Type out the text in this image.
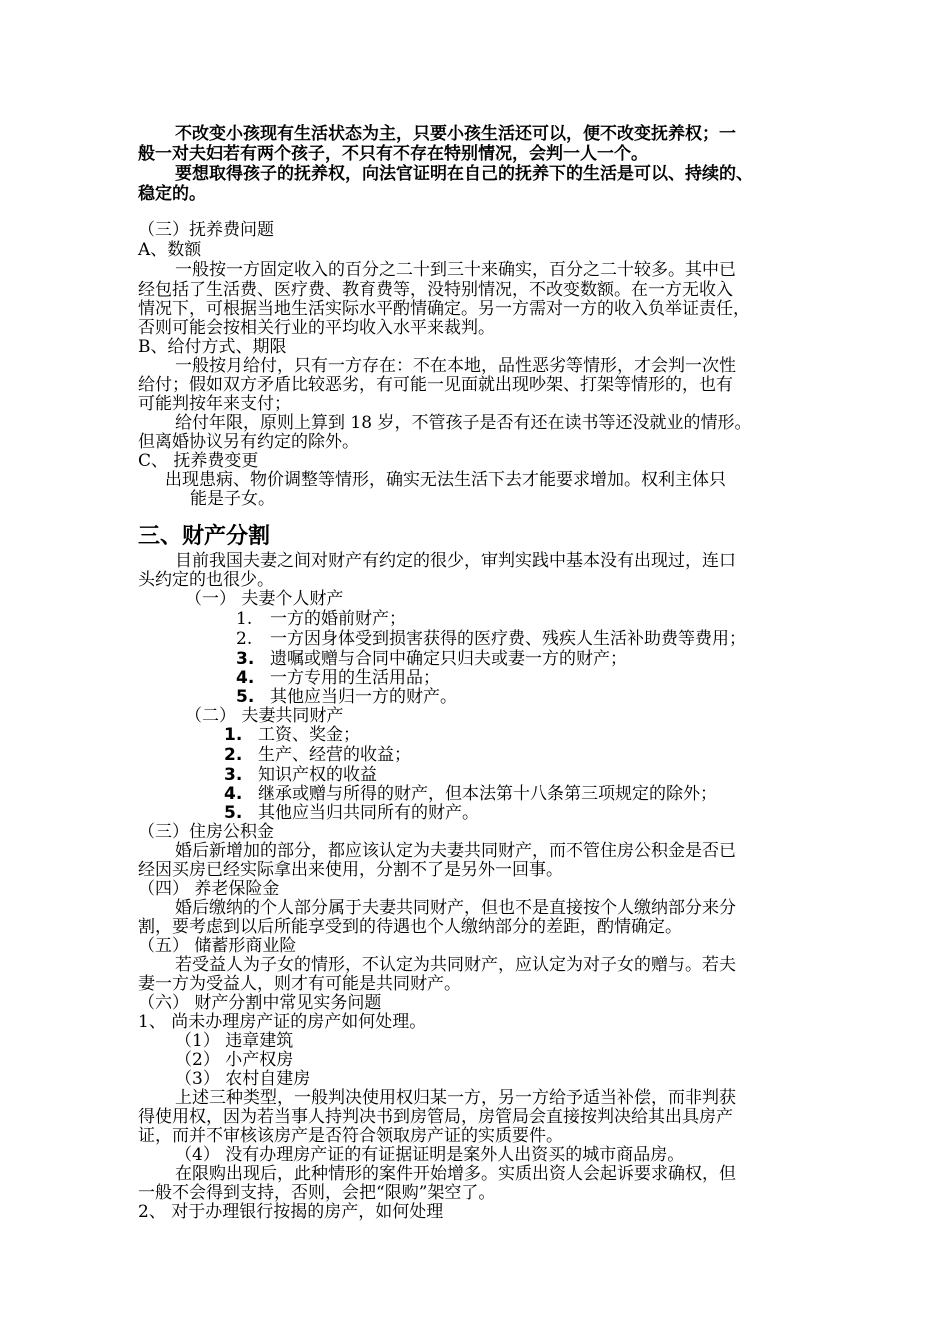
不改变小孩现有生活状态为主，只要小孩生活还可以，便不改变抚养权；一
般一对夫妇若有两个孩子，不只有不存在特别情况，会判一人一个。
要想取得孩子的抚养权，向法官证明在自己的抚养下的生活是可以、持续的、
稳定的。
（三）抚养费问题
A、数额
一般按一方固定收入的百分之二十到三十来确实，百分之二十较多。其中已
经包括了生活费、医疗费、教育费等，没特别情况，不改变数额。在一方无收入
情况下，可根据当地生活实际水平酌情确定。另一方需对一方的收入负举证责任，
否则可能会按相关行业的平均收入水平来裁判。
B、给付方式、期限
一般按月给付，只有一方存在：不在本地，品性恶劣等情形，才会判一次性
给付；假如双方矛盾比较恶劣，有可能一见面就出现吵架、打架等情形的，也有
可能判按年来支付；
给付年限，原则上算到 18 岁，不管孩子是否有还在读书等还没就业的情形。
但离婚协议另有约定的除外。
C、 抚养费变更
出现患病、物价调整等情形，确实无法生活下去才能要求增加。权利主体只
能是子女。
三、财产分割
目前我国夫妻之间对财产有约定的很少，审判实践中基本没有出现过，连口
头约定的也很少。
（一） 夫妻个人财产
1. 一方的婚前财产；
2. 一方因身体受到损害获得的医疗费、残疾人生活补助费等费用；
3. 遗嘱或赠与合同中确定只归夫或妻一方的财产；
4. 一方专用的生活用品；
5. 其他应当归一方的财产。
（二） 夫妻共同财产
1. 工资、奖金；
2. 生产、经营的收益；
3. 知识产权的收益
4. 继承或赠与所得的财产，但本法第十八条第三项规定的除外；
5. 其他应当归共同所有的财产。
（三）住房公积金
婚后新增加的部分，都应该认定为夫妻共同财产，而不管住房公积金是否已
经因买房已经实际拿出来使用，分割不了是另外一回事。
（四） 养老保险金
婚后缴纳的个人部分属于夫妻共同财产，但也不是直接按个人缴纳部分来分
割，要考虑到以后所能享受到的待遇也个人缴纳部分的差距，酌情确定。
（五） 储蓄形商业险
若受益人为子女的情形，不认定为共同财产，应认定为对子女的赠与。若夫
妻一方为受益人，则才有可能是共同财产。
（六） 财产分割中常见实务问题
1、 尚未办理房产证的房产如何处理。
（1） 违章建筑
（2） 小产权房
（3） 农村自建房
上述三种类型，一般判决使用权归某一方，另一方给予适当补偿，而非判获
得使用权，因为若当事人持判决书到房管局，房管局会直接按判决给其出具房产
证，而并不审核该房产是否符合领取房产证的实质要件。
（4） 没有办理房产证的有证据证明是案外人出资买的城市商品房。
在限购出现后，此种情形的案件开始增多。实质出资人会起诉要求确权，但
一般不会得到支持，否则，会把“限购”架空了。
2、 对于办理银行按揭的房产，如何处理
